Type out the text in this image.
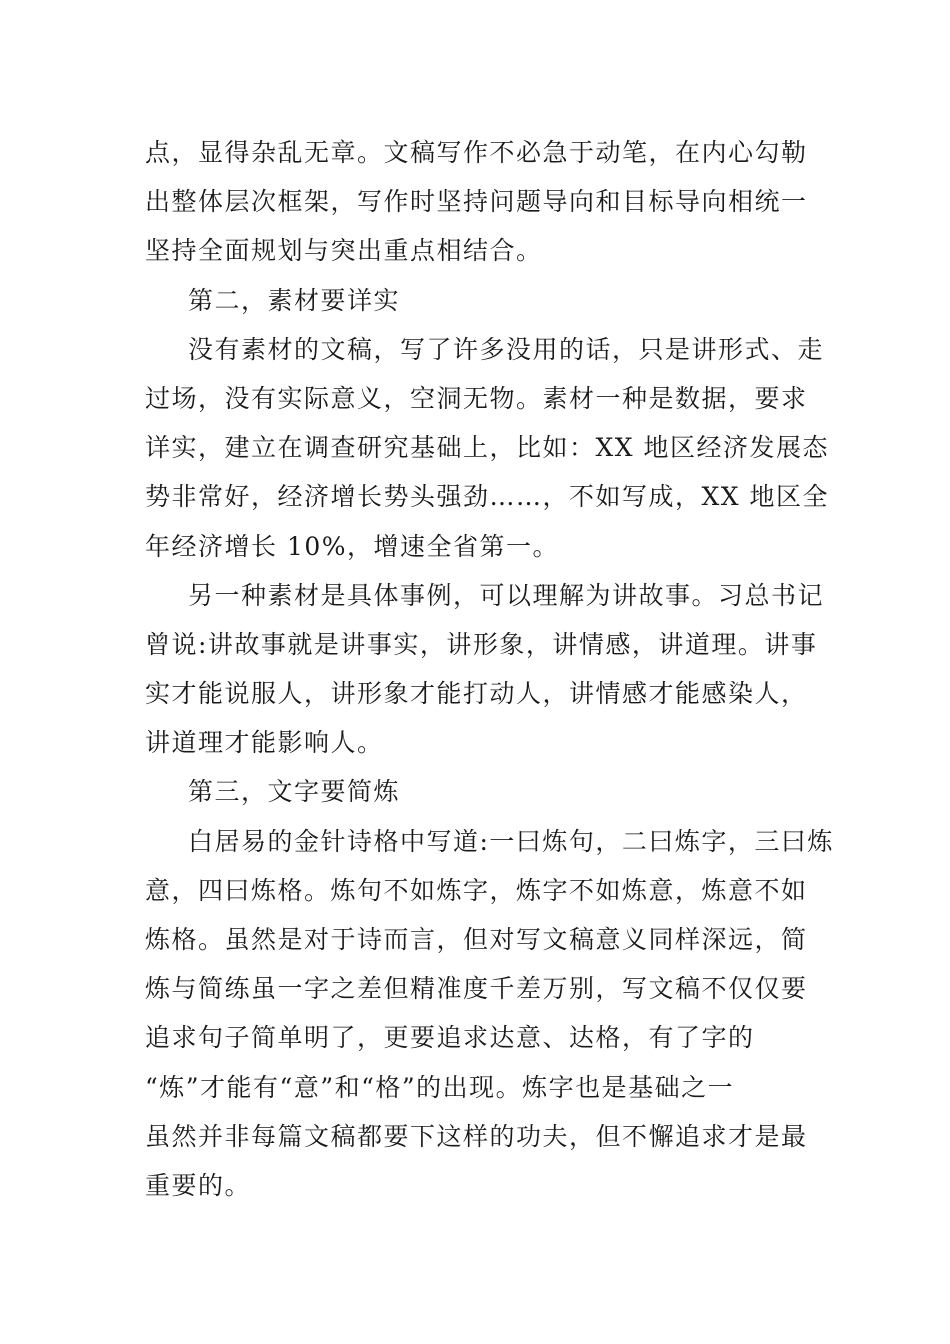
点，显得杂乱无章。文稿写作不必急于动笔，在内心勾勒
出整体层次框架，写作时坚持问题导向和目标导向相统一
坚持全面规划与突出重点相结合。
第二，素材要详实
没有素材的文稿，写了许多没用的话，只是讲形式、走
过场，没有实际意义，空洞无物。素材一种是数据，要求
详实，建立在调查研究基础上，比如：XX 地区经济发展态
势非常好，经济增长势头强劲……，不如写成，XX 地区全
年经济增长 10%，增速全省第一。
另一种素材是具体事例，可以理解为讲故事。习总书记
曾说:讲故事就是讲事实，讲形象，讲情感，讲道理。讲事
实才能说服人，讲形象才能打动人，讲情感才能感染人，
讲道理才能影响人。
第三，文字要简炼
白居易的金针诗格中写道:一曰炼句，二曰炼字，三曰炼
意，四曰炼格。炼句不如炼字，炼字不如炼意，炼意不如
炼格。虽然是对于诗而言，但对写文稿意义同样深远，简
炼与简练虽一字之差但精准度千差万别，写文稿不仅仅要
追求句子简单明了，更要追求达意、达格，有了字的
“炼”才能有“意”和“格”的出现。炼字也是基础之一
虽然并非每篇文稿都要下这样的功夫，但不懈追求才是最
重要的。
